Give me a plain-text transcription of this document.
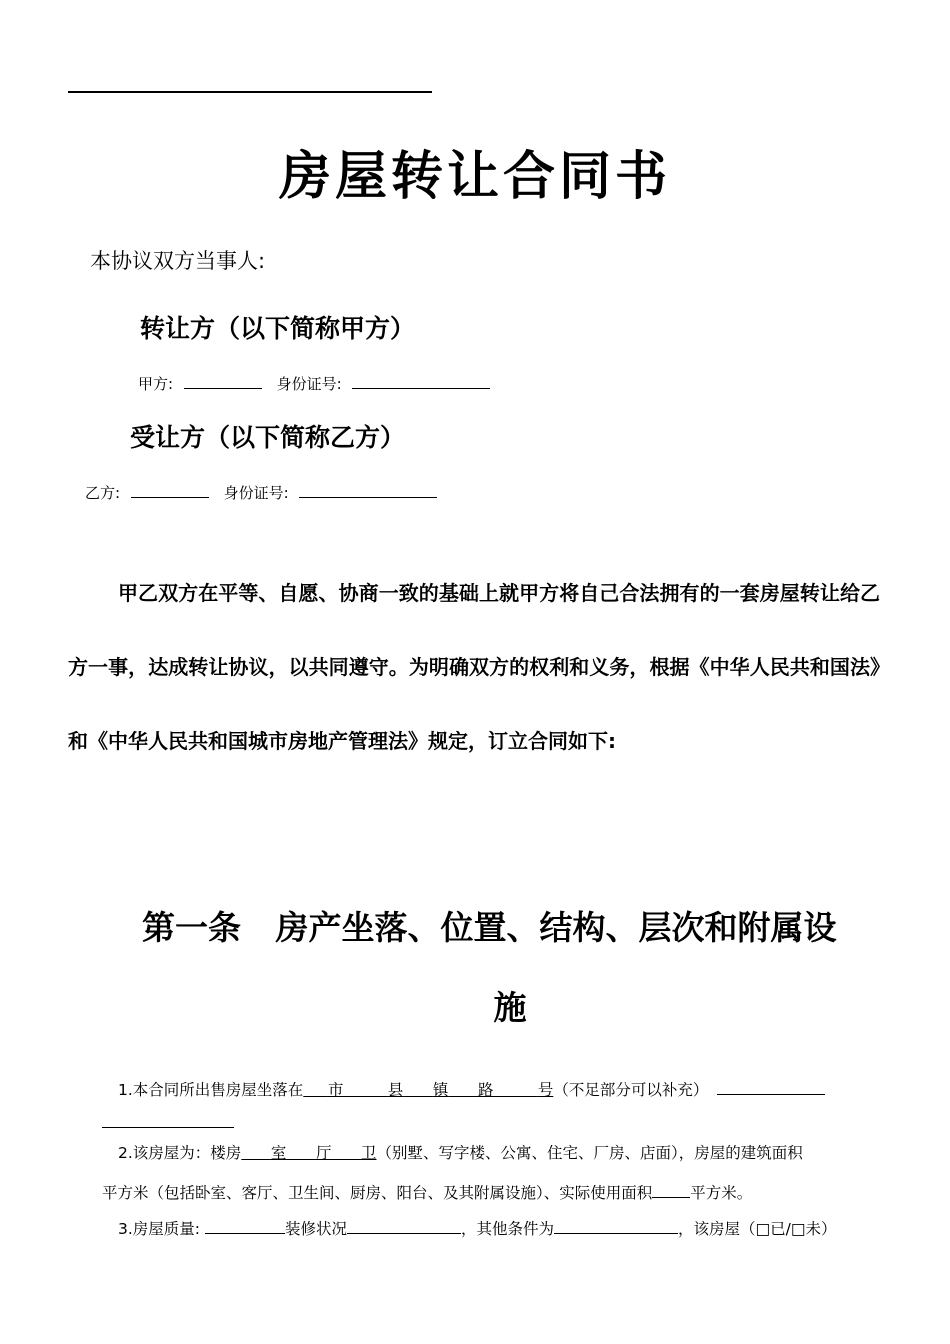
房屋转让合同书
本协议双方当事人:
转让方（以下简称甲方）
甲方:	身份证号:
受让方（以下简称乙方）
乙方:	身份证号:

甲乙双方在平等、自愿、协商一致的基础上就甲方将自己合法拥有的一套房屋转让给乙方一事，达成转让协议，以共同遵守。为明确双方的权利和义务，根据《中华人民共和国法》和《中华人民共和国城市房地产管理法》规定，订立合同如下:

第一条 房产坐落、位置、结构、层次和附属设
施
1.本合同所出售房屋坐落在 市	县 镇 路	号（不足部分可以补充）
2.该房屋为：楼房 室 厅 卫（别墅、写字楼、公寓、住宅、厂房、店面），房屋的建筑面积
平方米（包括卧室、客厅、卫生间、厨房、阳台、及其附属设施）、实际使用面积 平方米。
3.房屋质量:	装修状况	，其他条件为	，该房屋（□已/□未）
